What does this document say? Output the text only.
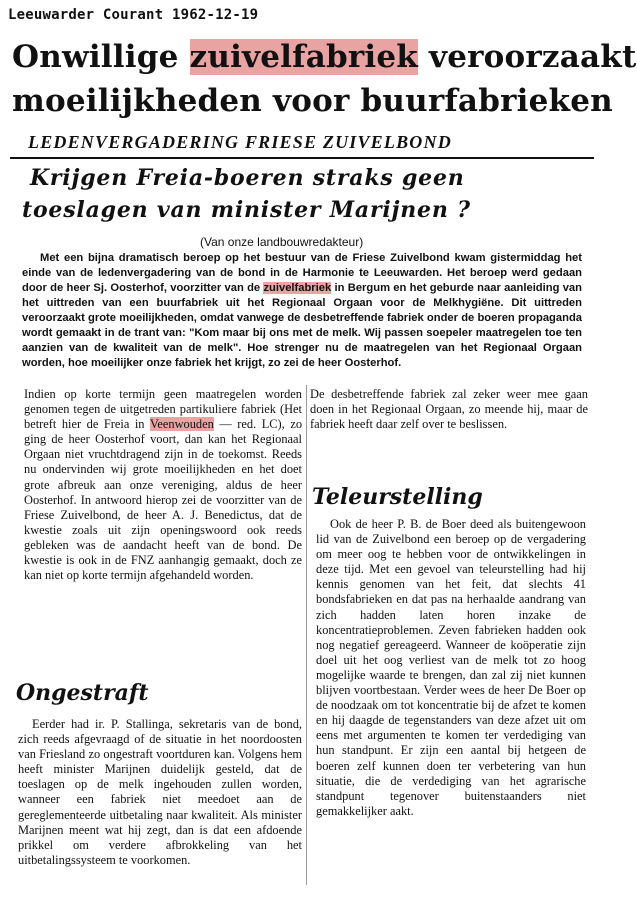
Leeuwarder Courant 1962-12-19
Onwillige zuivelfabriek veroorzaakt
moeilijkheden voor buurfabrieken
LEDENVERGADERING FRIESE ZUIVELBOND
Krijgen Freia-boeren straks geen
toeslagen van minister Marijnen ?
(Van onze landbouwredakteur)

Met een bijna dramatisch beroep op het bestuur van de Friese Zuivelbond kwam gistermiddag het einde van de ledenvergadering van de bond in de Harmonie te Leeuwarden. Het beroep werd gedaan door de heer Sj. Oosterhof, voorzitter van de zuivelfabriek in Bergum en het geburde naar aanleiding van het uittreden van een buurfabriek uit het Regionaal Orgaan voor de Melkhygiëne. Dit uittreden veroorzaakt grote moeilijkheden, omdat vanwege de desbetreffende fabriek onder de boeren propaganda wordt gemaakt in de trant van: "Kom maar bij ons met de melk. Wij passen soepeler maatregelen toe ten aanzien van de kwaliteit van de melk". Hoe strenger nu de maatregelen van het Regionaal Orgaan worden, hoe moeilijker onze fabriek het krijgt, zo zei de heer Oosterhof.

Indien op korte termijn geen maatregelen worden genomen tegen de uitgetreden partikuliere fabriek (Het betreft hier de Freia in Veenwouden — red. LC), zo ging de heer Oosterhof voort, dan kan het Regionaal Orgaan niet vruchtdragend zijn in de toekomst. Reeds nu ondervinden wij grote moeilijkheden en het doet grote afbreuk aan onze vereniging, aldus de heer Oosterhof. In antwoord hierop zei de voorzitter van de Friese Zuivelbond, de heer A. J. Benedictus, dat de kwestie zoals uit zijn openingswoord ook reeds gebleken was de aandacht heeft van de bond. De kwestie is ook in de FNZ aanhangig gemaakt, doch ze kan niet op korte termijn afgehandeld worden.

Ongestraft

Eerder had ir. P. Stallinga, sekretaris van de bond, zich reeds afgevraagd of de situatie in het noordoosten van Friesland zo ongestraft voortduren kan. Volgens hem heeft minister Marijnen duidelijk gesteld, dat de toeslagen op de melk ingehouden zullen worden, wanneer een fabriek niet meedoet aan de gereglementeerde uitbetaling naar kwaliteit. Als minister Marijnen meent wat hij zegt, dan is dat een afdoende prikkel om verdere afbrokkeling van het uitbetalingssysteem te voorkomen.

De desbetreffende fabriek zal zeker weer mee gaan doen in het Regionaal Orgaan, zo meende hij, maar de fabriek heeft daar zelf over te beslissen.

Teleurstelling

Ook de heer P. B. de Boer deed als buitengewoon lid van de Zuivelbond een beroep op de vergadering om meer oog te hebben voor de ontwikkelingen in deze tijd. Met een gevoel van teleurstelling had hij kennis genomen van het feit, dat slechts 41 bondsfabrieken en dat pas na herhaalde aandrang van zich hadden laten horen inzake de koncentratieproblemen. Zeven fabrieken hadden ook nog negatief gereageerd. Wanneer de koöperatie zijn doel uit het oog verliest van de melk tot zo hoog mogelijke waarde te brengen, dan zal zij niet kunnen blijven voortbestaan. Verder wees de heer De Boer op de noodzaak om tot koncentratie bij de afzet te komen en hij daagde de tegenstanders van deze afzet uit om eens met argumenten te komen ter verdediging van hun standpunt. Er zijn een aantal bij hetgeen de boeren zelf kunnen doen ter verbetering van hun situatie, die de verdediging van het agrarische standpunt tegenover buitenstaanders niet gemakkelijker aakt.
